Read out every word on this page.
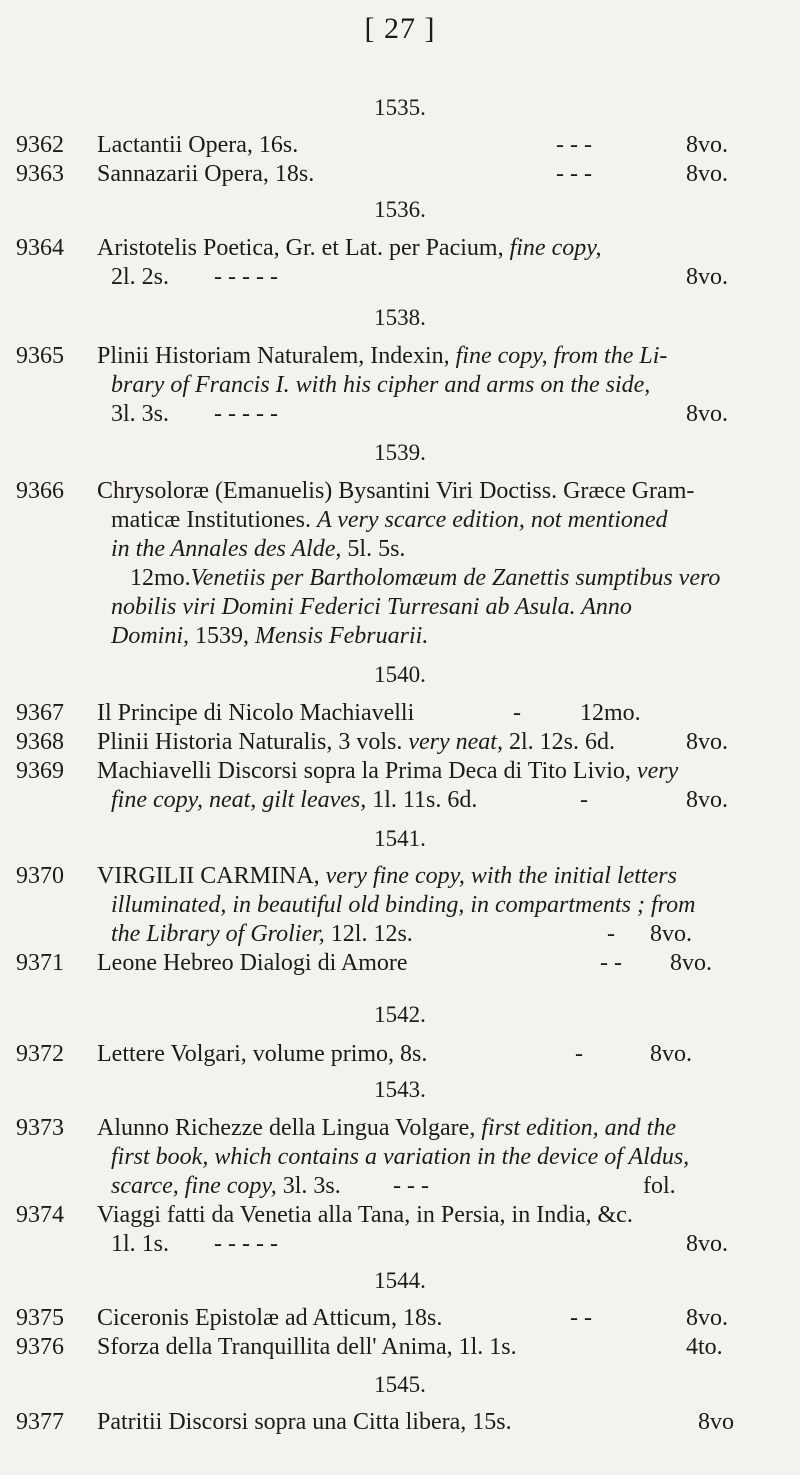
[ 27 ]
1535.
9362 Lactantii Opera, 16s.	- - -	8vo.
9363 Sannazarii Opera, 18s.	- - -	8vo.
1536.
9364 Aristotelis Poetica, Gr. et Lat. per Pacium, fine copy,
2l. 2s. - - - - -	8vo.
1538.
9365 Plinii Historiam Naturalem, Indexin, fine copy, from the Li-
brary of Francis I. with his cipher and arms on the side,
3l. 3s. - - - - -	8vo.
1539.
9366 Chrysoloræ (Emanuelis) Bysantini Viri Doctiss. Græce Gram-
maticæ Institutiones. A very scarce edition, not mentioned
in the Annales des Alde, 5l. 5s.
12mo.Venetiis per Bartholomæum de Zanettis sumptibus vero
nobilis viri Domini Federici Turresani ab Asula. Anno
Domini, 1539, Mensis Februarii.
1540.
9367 Il Principe di Nicolo Machiavelli	- 12mo.
9368 Plinii Historia Naturalis, 3 vols. very neat, 2l. 12s. 6d.	8vo.
9369 Machiavelli Discorsi sopra la Prima Deca di Tito Livio, very
fine copy, neat, gilt leaves, 1l. 11s. 6d.	-	8vo.
1541.
9370 VIRGILII CARMINA, very fine copy, with the initial letters
illuminated, in beautiful old binding, in compartments ; from
the Library of Grolier, 12l. 12s.	- 8vo.
9371 Leone Hebreo Dialogi di Amore	- - 8vo.
1542.
9372 Lettere Volgari, volume primo, 8s.	-	8vo.
1543.
9373 Alunno Richezze della Lingua Volgare, first edition, and the
first book, which contains a variation in the device of Aldus,
scarce, fine copy, 3l. 3s. - - -	fol.
9374 Viaggi fatti da Venetia alla Tana, in Persia, in India, &c.
1l. 1s. - - - - -	8vo.
1544.
9375 Ciceronis Epistolæ ad Atticum, 18s.	- -	8vo.
9376 Sforza della Tranquillita dell' Anima, 1l. 1s.	4to.
1545.
9377 Patritii Discorsi sopra una Citta libera, 15s.	8vo
